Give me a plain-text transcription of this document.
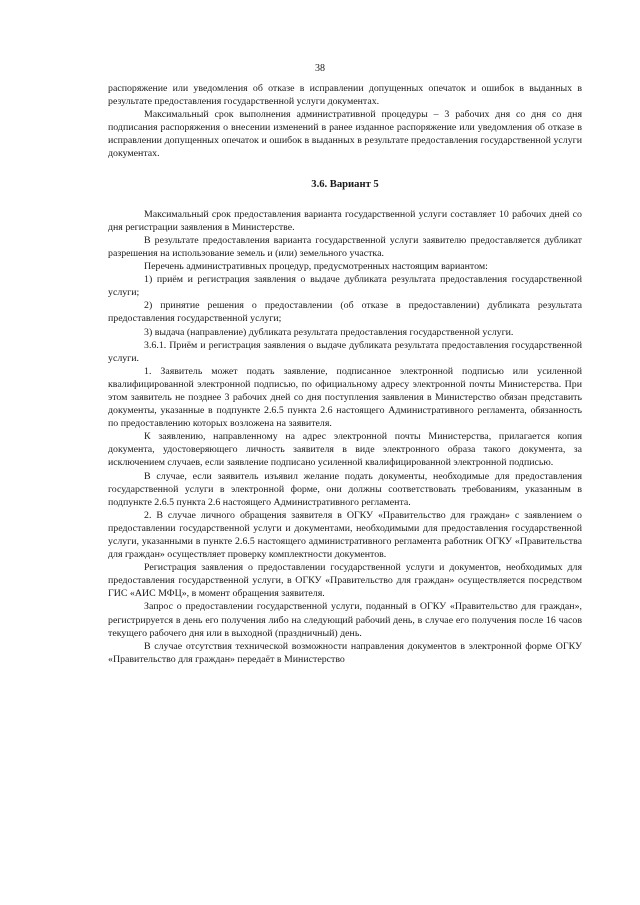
38

распоряжение или уведомления об отказе в исправлении допущенных опечаток и ошибок в выданных в результате предоставления государственной услуги документах.

Максимальный срок выполнения административной процедуры – 3 рабочих дня со дня со дня подписания распоряжения о внесении изменений в ранее изданное распоряжение или уведомления об отказе в исправлении допущенных опечаток и ошибок в выданных в результате предоставления государственной услуги документах.

3.6. Вариант 5

Максимальный срок предоставления варианта государственной услуги составляет 10 рабочих дней со дня регистрации заявления в Министерстве.

В результате предоставления варианта государственной услуги заявителю предоставляется дубликат разрешения на использование земель и (или) земельного участка.

Перечень административных процедур, предусмотренных настоящим вариантом:

1) приём и регистрация заявления о выдаче дубликата результата предоставления государственной услуги;

2) принятие решения о предоставлении (об отказе в предоставлении) дубликата результата предоставления государственной услуги;

3) выдача (направление) дубликата результата предоставления государственной услуги.

3.6.1. Приём и регистрация заявления о выдаче дубликата результата предоставления государственной услуги.

1. Заявитель может подать заявление, подписанное электронной подписью или усиленной квалифицированной электронной подписью, по официальному адресу электронной почты Министерства. При этом заявитель не позднее 3 рабочих дней со дня поступления заявления в Министерство обязан представить документы, указанные в подпункте 2.6.5 пункта 2.6 настоящего Административного регламента, обязанность по предоставлению которых возложена на заявителя.

К заявлению, направленному на адрес электронной почты Министерства, прилагается копия документа, удостоверяющего личность заявителя в виде электронного образа такого документа, за исключением случаев, если заявление подписано усиленной квалифицированной электронной подписью.

В случае, если заявитель изъявил желание подать документы, необходимые для предоставления государственной услуги в электронной форме, они должны соответствовать требованиям, указанным в подпункте 2.6.5 пункта 2.6 настоящего Административного регламента.

2. В случае личного обращения заявителя в ОГКУ «Правительство для граждан» с заявлением о предоставлении государственной услуги и документами, необходимыми для предоставления государственной услуги, указанными в пункте 2.6.5 настоящего административного регламента работник ОГКУ «Правительства для граждан» осуществляет проверку комплектности документов.

Регистрация заявления о предоставлении государственной услуги и документов, необходимых для предоставления государственной услуги, в ОГКУ «Правительство для граждан» осуществляется посредством ГИС «АИС МФЦ», в момент обращения заявителя.

Запрос о предоставлении государственной услуги, поданный в ОГКУ «Правительство для граждан», регистрируется в день его получения либо на следующий рабочий день, в случае его получения после 16 часов текущего рабочего дня или в выходной (праздничный) день.

В случае отсутствия технической возможности направления документов в электронной форме ОГКУ «Правительство для граждан» передаёт в Министерство
